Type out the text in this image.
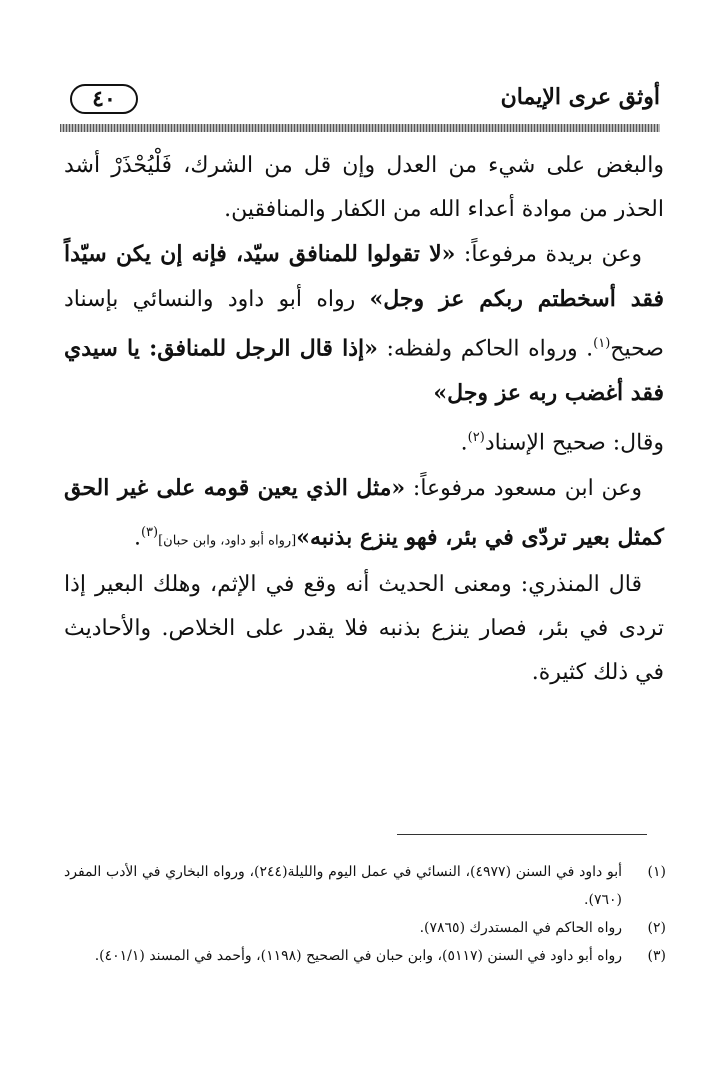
٤٠	أوثق عرى الإيمان

والبغض على شيء من العدل وإن قل من الشرك، فَلْيُحْذَرْ أشد الحذر من موادة أعداء الله من الكفار والمنافقين.

وعن بريدة مرفوعاً: «لا تقولوا للمنافق سيّد، فإنه إن يكن سيّداً فقد أسخطتم ربكم عز وجل» رواه أبو داود والنسائي بإسناد صحيح$^{(١)}$. ورواه الحاكم ولفظه: «إذا قال الرجل للمنافق: يا سيدي فقد أغضب ربه عز وجل»

وقال: صحيح الإسناد$^{(٢)}$.

وعن ابن مسعود مرفوعاً: «مثل الذي يعين قومه على غير الحق كمثل بعير تردّى في بئر، فهو ينزع بذنبه»[رواه أبو داود، وابن حبان]$^{(٣)}$.

قال المنذري: ومعنى الحديث أنه وقع في الإثم، وهلك البعير إذا تردى في بئر، فصار ينزع بذنبه فلا يقدر على الخلاص. والأحاديث في ذلك كثيرة.

(١)
أبو داود في السنن (٤٩٧٧)، النسائي في عمل اليوم والليلة(٢٤٤)، ورواه البخاري في الأدب المفرد (٧٦٠).
(٢)
رواه الحاكم في المستدرك (٧٨٦٥).
(٣)
رواه أبو داود في السنن (٥١١٧)، وابن حبان في الصحيح (١١٩٨)، وأحمد في المسند (٤٠١/١).
